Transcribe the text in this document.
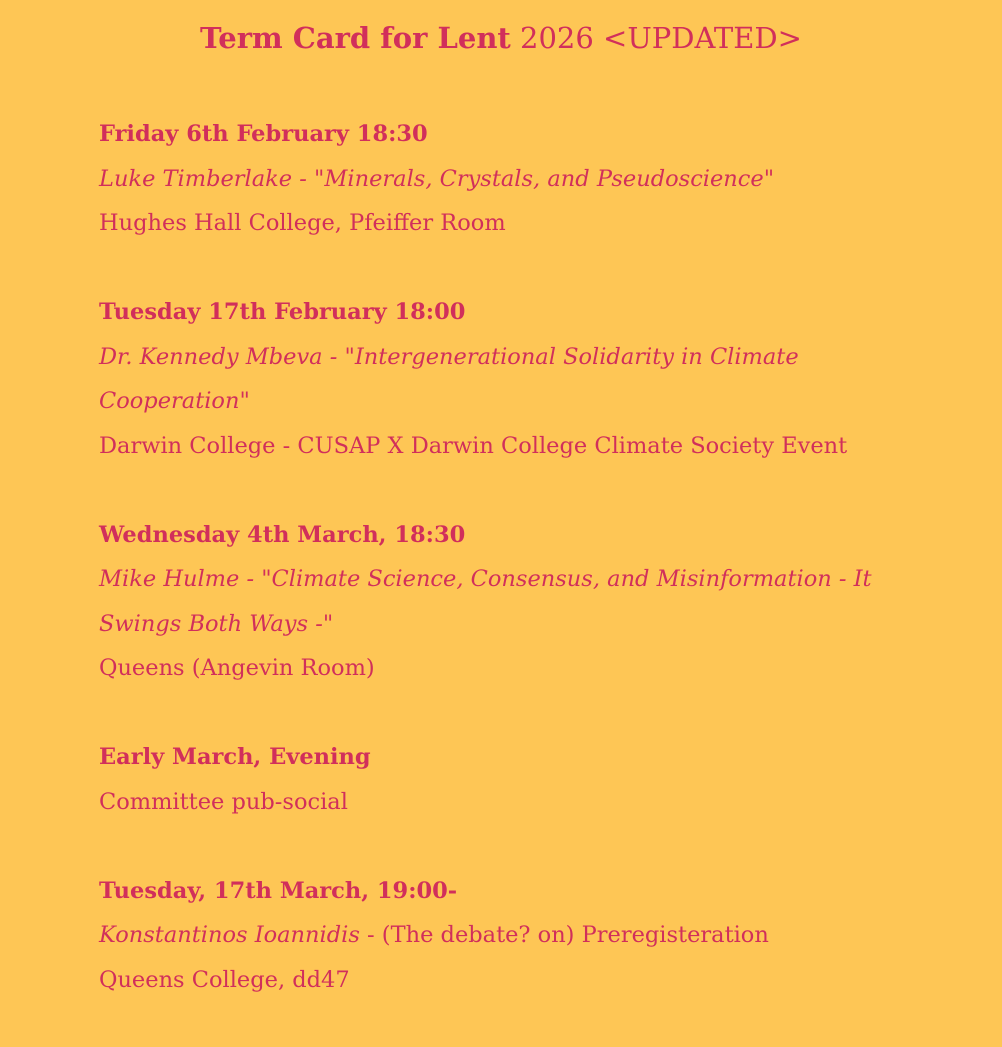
Term Card for Lent 2026 <UPDATED>
Friday 6th February 18:30
Luke Timberlake - "Minerals, Crystals, and Pseudoscience"
Hughes Hall College, Pfeiffer Room
Tuesday 17th February 18:00
Dr. Kennedy Mbeva - "Intergenerational Solidarity in Climate Cooperation"
Darwin College - CUSAP X Darwin College Climate Society Event
Wednesday 4th March, 18:30
Mike Hulme - "Climate Science, Consensus, and Misinformation - It Swings Both Ways -"
Queens (Angevin Room)
Early March, Evening
Committee pub-social
Tuesday, 17th March, 19:00-
Konstantinos Ioannidis - (The debate? on) Preregisteration
Queens College, dd47
